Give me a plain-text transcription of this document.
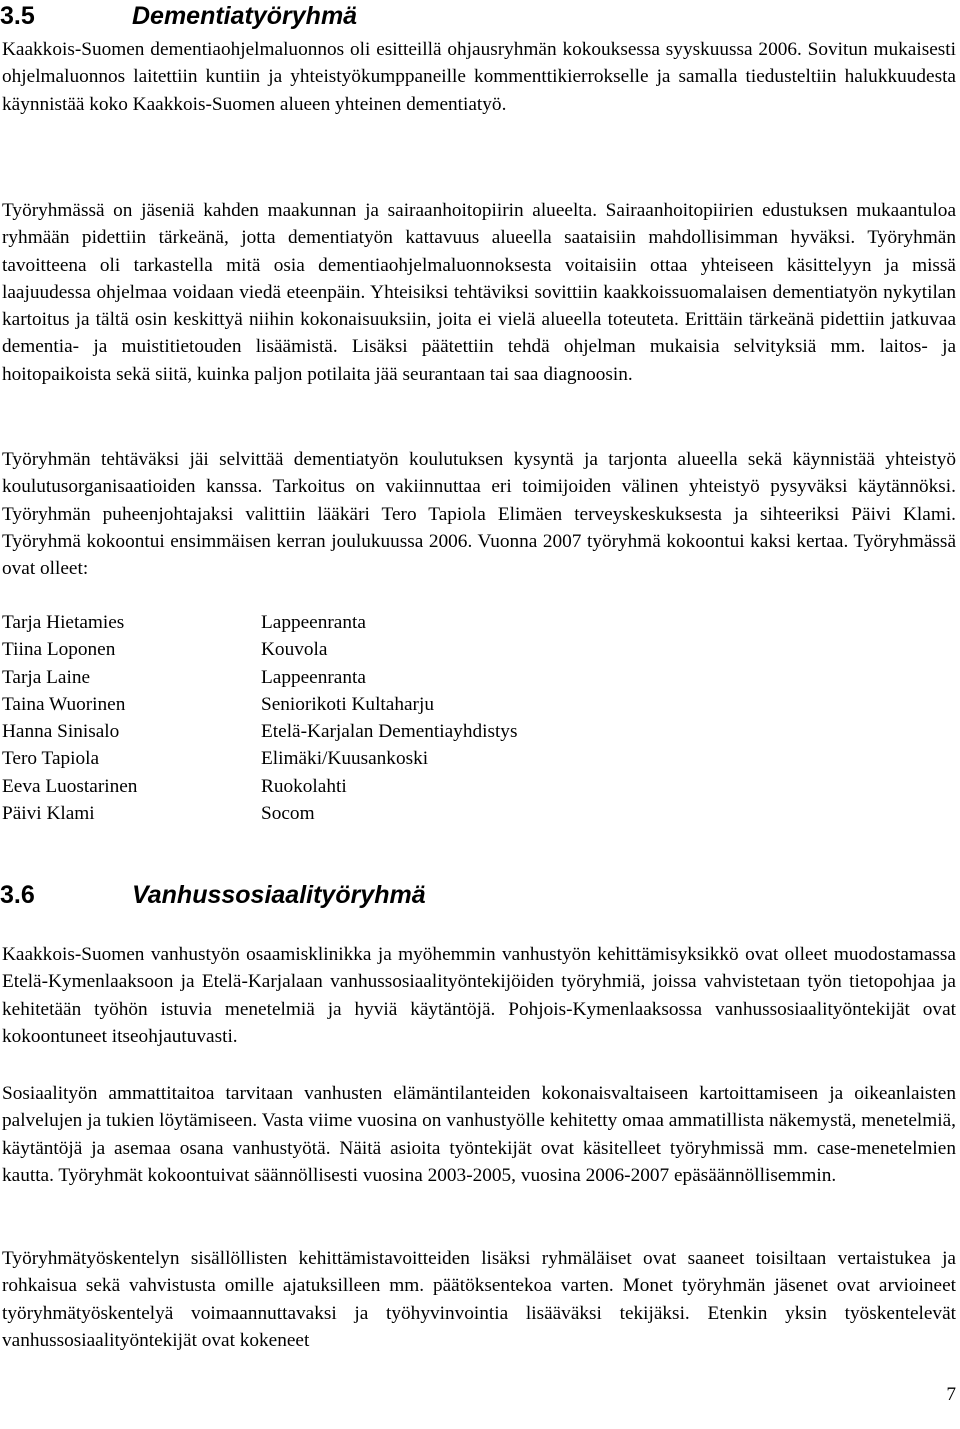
3.5	Dementiatyöryhmä

Kaakkois-Suomen dementiaohjelmaluonnos oli esitteillä ohjausryhmän kokouksessa syyskuussa 2006. Sovitun mukaisesti ohjelmaluonnos laitettiin kuntiin ja yhteistyökumppaneille kommenttikierrokselle ja samalla tiedusteltiin halukkuudesta käynnistää koko Kaakkois-Suomen alueen yhteinen dementiatyö.

Työryhmässä on jäseniä kahden maakunnan ja sairaanhoitopiirin alueelta. Sairaanhoitopiirien edustuksen mukaantuloa ryhmään pidettiin tärkeänä, jotta dementiatyön kattavuus alueella saataisiin mahdollisimman hyväksi. Työryhmän tavoitteena oli tarkastella mitä osia dementiaohjelmaluonnoksesta voitaisiin ottaa yhteiseen käsittelyyn ja missä laajuudessa ohjelmaa voidaan viedä eteenpäin. Yhteisiksi tehtäviksi sovittiin kaakkoissuomalaisen dementiatyön nykytilan kartoitus ja tältä osin keskittyä niihin kokonaisuuksiin, joita ei vielä alueella toteuteta. Erittäin tärkeänä pidettiin jatkuvaa dementia- ja muistitietouden lisäämistä. Lisäksi päätettiin tehdä ohjelman mukaisia selvityksiä mm. laitos- ja hoitopaikoista sekä siitä, kuinka paljon potilaita jää seurantaan tai saa diagnoosin.

Työryhmän tehtäväksi jäi selvittää dementiatyön koulutuksen kysyntä ja tarjonta alueella sekä käynnistää yhteistyö koulutusorganisaatioiden kanssa. Tarkoitus on vakiinnuttaa eri toimijoiden välinen yhteistyö pysyväksi käytännöksi. Työryhmän puheenjohtajaksi valittiin lääkäri Tero Tapiola Elimäen terveyskeskuksesta ja sihteeriksi Päivi Klami. Työryhmä kokoontui ensimmäisen kerran joulukuussa 2006. Vuonna 2007 työryhmä kokoontui kaksi kertaa. Työryhmässä ovat olleet:

Tarja Hietamies	Lappeenranta
Tiina Loponen	Kouvola
Tarja Laine	Lappeenranta
Taina Wuorinen	Seniorikoti Kultaharju
Hanna Sinisalo	Etelä-Karjalan Dementiayhdistys
Tero Tapiola	Elimäki/Kuusankoski
Eeva Luostarinen	Ruokolahti
Päivi Klami	Socom
3.6	Vanhussosiaalityöryhmä

Kaakkois-Suomen vanhustyön osaamisklinikka ja myöhemmin vanhustyön kehittämisyksikkö ovat olleet muodostamassa Etelä-Kymenlaaksoon ja Etelä-Karjalaan vanhussosiaalityöntekijöiden työryhmiä, joissa vahvistetaan työn tietopohjaa ja kehitetään työhön istuvia menetelmiä ja hyviä käytäntöjä. Pohjois-Kymenlaaksossa vanhussosiaalityöntekijät ovat kokoontuneet itseohjautuvasti.

Sosiaalityön ammattitaitoa tarvitaan vanhusten elämäntilanteiden kokonaisvaltaiseen kartoittamiseen ja oikeanlaisten palvelujen ja tukien löytämiseen. Vasta viime vuosina on vanhustyölle kehitetty omaa ammatillista näkemystä, menetelmiä, käytäntöjä ja asemaa osana vanhustyötä. Näitä asioita työntekijät ovat käsitelleet työryhmissä mm. case-menetelmien kautta. Työryhmät kokoontuivat säännöllisesti vuosina 2003-2005, vuosina 2006-2007 epäsäännöllisemmin.

Työryhmätyöskentelyn sisällöllisten kehittämistavoitteiden lisäksi ryhmäläiset ovat saaneet toisiltaan vertaistukea ja rohkaisua sekä vahvistusta omille ajatuksilleen mm. päätöksentekoa varten. Monet työryhmän jäsenet ovat arvioineet työryhmätyöskentelyä voimaannuttavaksi ja työhyvinvointia lisääväksi tekijäksi. Etenkin yksin työskentelevät vanhussosiaalityöntekijät ovat kokeneet

7
